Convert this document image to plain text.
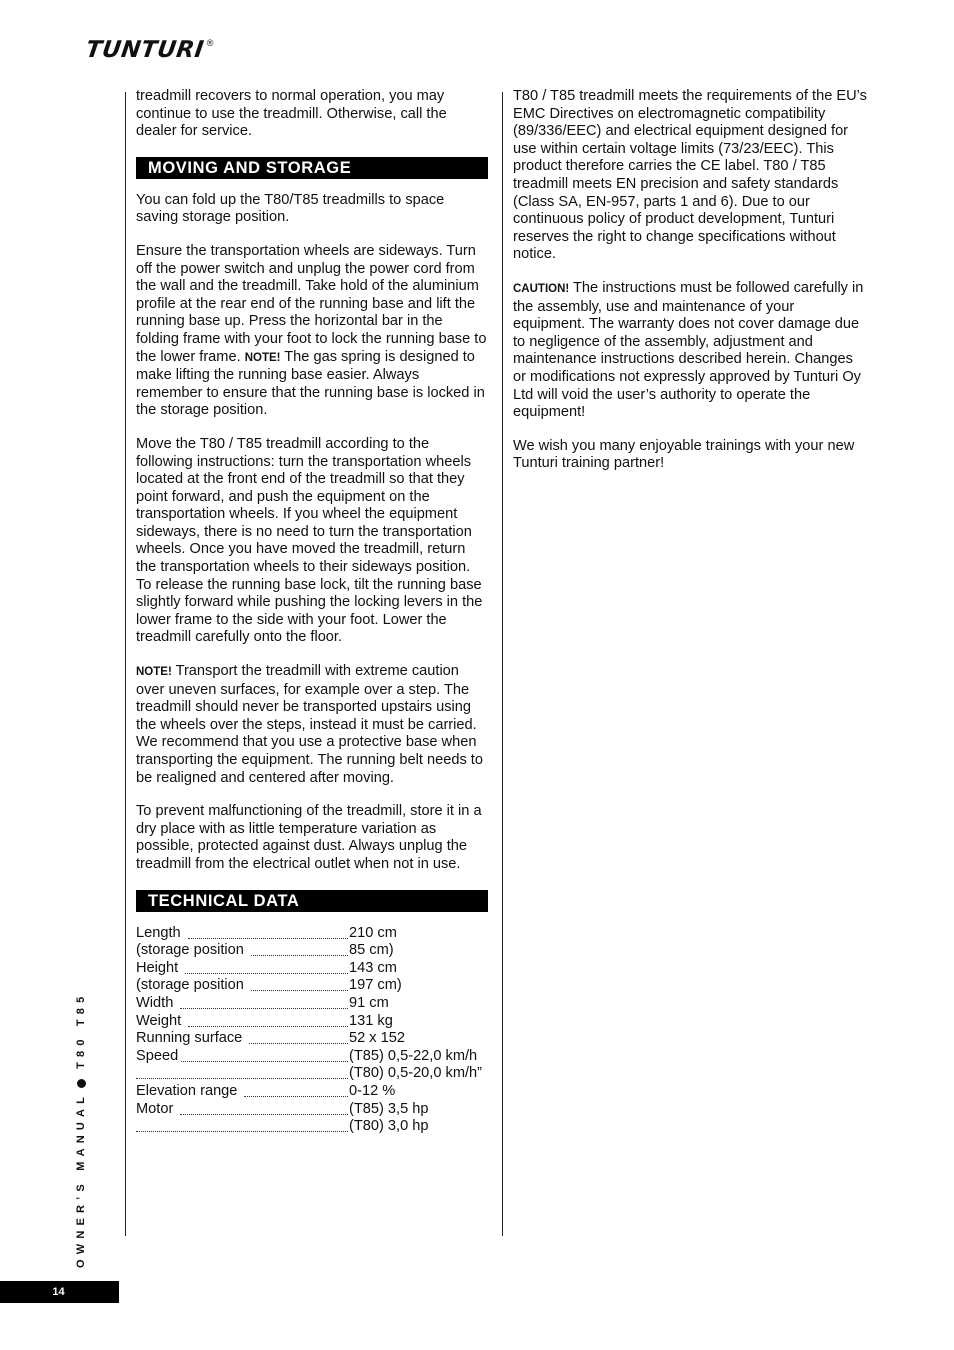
TUNTURI ®

treadmill recovers to normal operation, you may continue to use the treadmill. Otherwise, call the dealer for service.

MOVING AND STORAGE

You can fold up the T80/T85 treadmills to space saving storage position.

Ensure the transportation wheels are sideways. Turn off the power switch and unplug the power cord from the wall and the treadmill. Take hold of the aluminium profile at the rear end of the running base and lift the running base up. Press the horizontal bar in the folding frame with your foot to lock the running base to the lower frame. NOTE! The gas spring is designed to make lifting the running base easier. Always remember to ensure that the running base is locked in the storage position.

Move the T80 / T85 treadmill according to the following instructions: turn the transportation wheels located at the front end of the treadmill so that they point forward, and push the equipment on the transportation wheels. If you wheel the equipment sideways, there is no need to turn the transportation wheels. Once you have moved the treadmill, return the transportation wheels to their sideways position. To release the running base lock, tilt the running base slightly forward while pushing the locking levers in the lower frame to the side with your foot. Lower the treadmill carefully onto the floor.

NOTE! Transport the treadmill with extreme caution over uneven surfaces, for example over a step. The treadmill should never be transported upstairs using the wheels over the steps, instead it must be carried. We recommend that you use a protective base when transporting the equipment. The running belt needs to be realigned and centered after moving.

To prevent malfunctioning of the treadmill, store it in a dry place with as little temperature variation as possible, protected against dust. Always unplug the treadmill from the electrical outlet when not in use.

TECHNICAL DATA
Length	210 cm
(storage position	85 cm)
Height	143 cm
(storage position	197 cm)
Width	91 cm
Weight	131 kg
Running surface	52 x 152
Speed	(T85) 0,5-22,0 km/h
(T80) 0,5-20,0 km/h”
Elevation range	0-12 %
Motor	(T85) 3,5 hp
(T80) 3,0 hp

T80 / T85 treadmill meets the requirements of the EU’s EMC Directives on electromagnetic compatibility (89/336/EEC) and electrical equipment designed for use within certain voltage limits (73/23/EEC). This product therefore carries the CE label. T80 / T85 treadmill meets EN precision and safety standards (Class SA, EN-957, parts 1 and 6). Due to our continuous policy of product development, Tunturi reserves the right to change specifications without notice.

CAUTION! The instructions must be followed carefully in the assembly, use and maintenance of your equipment. The warranty does not cover damage due to negligence of the assembly, adjustment and maintenance instructions described herein. Changes or modifications not expressly approved by Tunturi Oy Ltd will void the user’s authority to operate the equipment!

We wish you many enjoyable trainings with your new Tunturi training partner!

OWNER’S MANUAL
T80 T85
14
